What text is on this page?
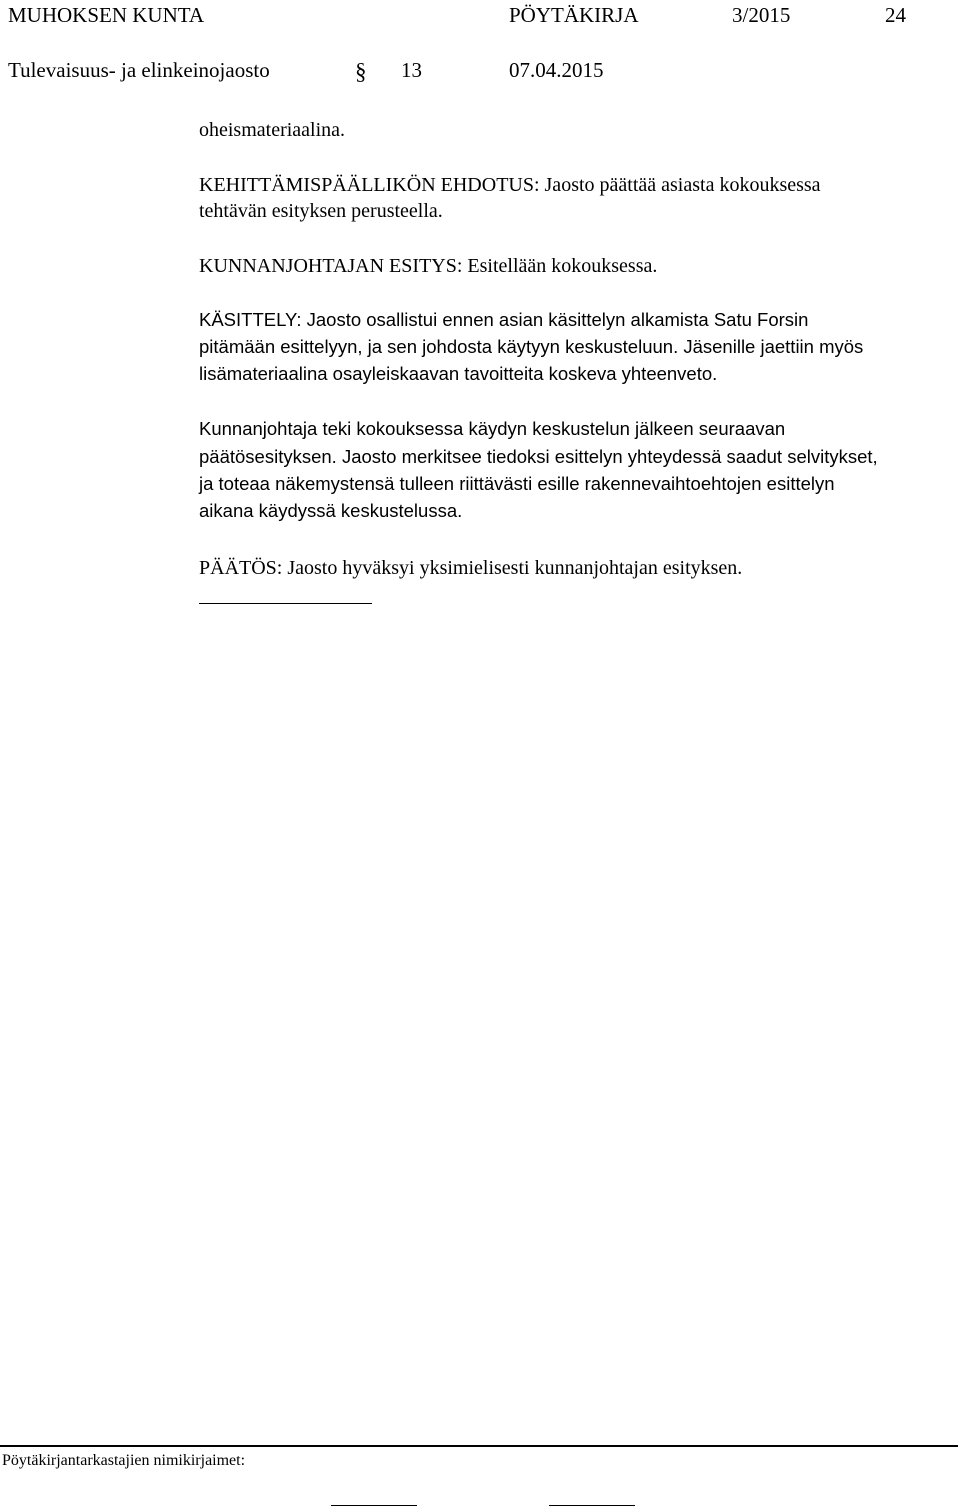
MUHOKSEN KUNTA	PÖYTÄKIRJA	3/2015	24
Tulevaisuus- ja elinkeinojaosto	§ 13	07.04.2015
oheismateriaalina.
KEHITTÄMISPÄÄLLIKÖN EHDOTUS: Jaosto päättää asiasta kokouksessa
tehtävän esityksen perusteella.
KUNNANJOHTAJAN ESITYS: Esitellään kokouksessa.
KÄSITTELY: Jaosto osallistui ennen asian käsittelyn alkamista Satu Forsin
pitämään esittelyyn, ja sen johdosta käytyyn keskusteluun. Jäsenille jaettiin myös
lisämateriaalina osayleiskaavan tavoitteita koskeva yhteenveto.
Kunnanjohtaja teki kokouksessa käydyn keskustelun jälkeen seuraavan
päätösesityksen. Jaosto merkitsee tiedoksi esittelyn yhteydessä saadut selvitykset,
ja toteaa näkemystensä tulleen riittävästi esille rakennevaihtoehtojen esittelyn
aikana käydyssä keskustelussa.
PÄÄTÖS: Jaosto hyväksyi yksimielisesti kunnanjohtajan esityksen.
Pöytäkirjantarkastajien nimikirjaimet:
